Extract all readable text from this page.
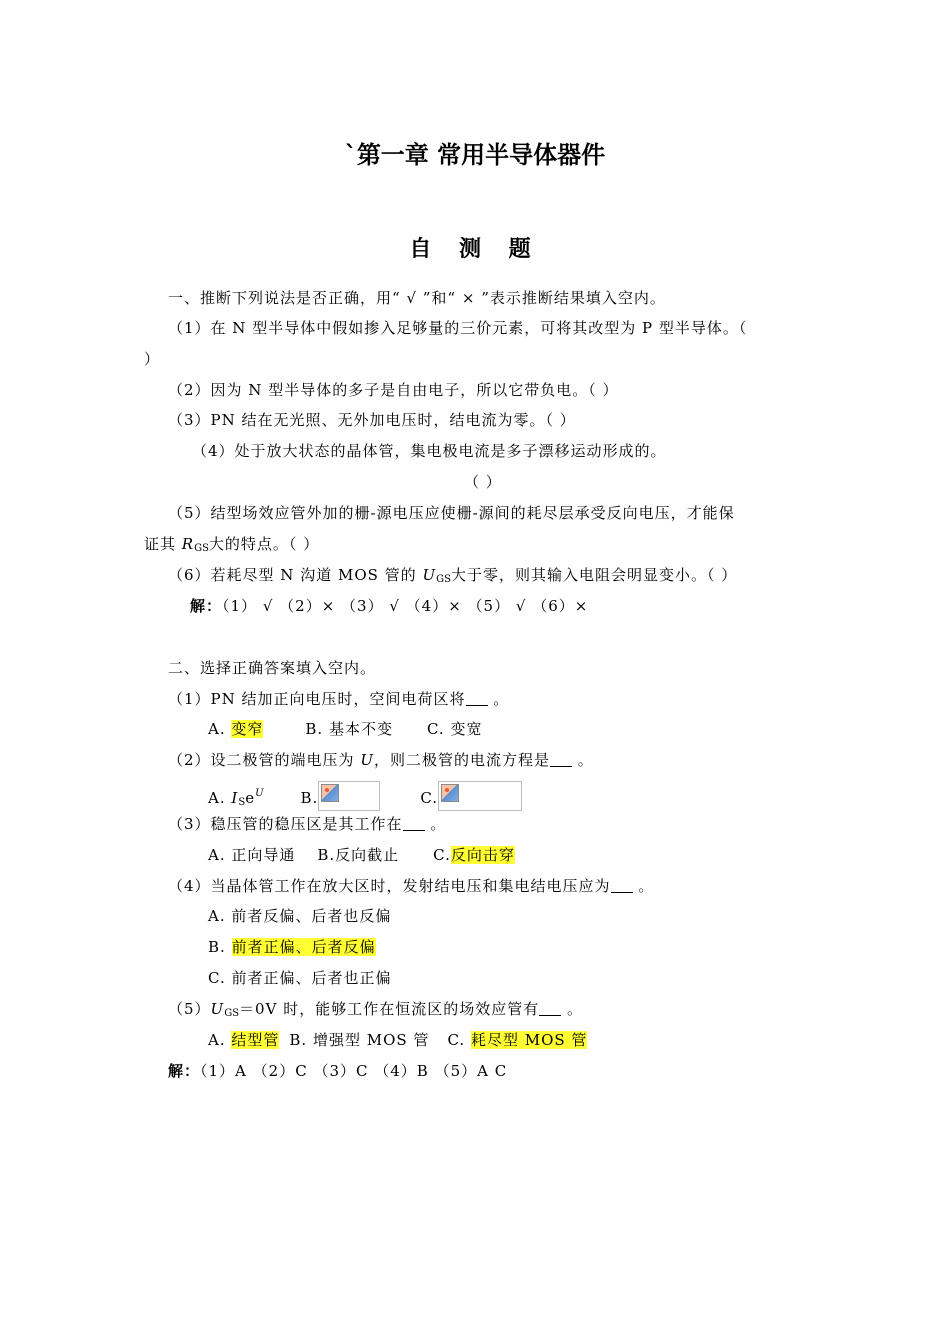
`第一章 常用半导体器件
自 测 题
一、推断下列说法是否正确，用“ √ ”和“ × ”表示推断结果填入空内。
（1）在 N 型半导体中假如掺入足够量的三价元素，可将其改型为 P 型半导体。（
）
（2）因为 N 型半导体的多子是自由电子，所以它带负电。（ ）
（3）PN 结在无光照、无外加电压时，结电流为零。（ ）
（4）处于放大状态的晶体管，集电极电流是多子漂移运动形成的。
（ ）
（5）结型场效应管外加的栅-源电压应使栅-源间的耗尽层承受反向电压，才能保
证其 $R_{GS}$大的特点。（ ）
（6）若耗尽型 N 沟道 MOS 管的 $U_{GS}$大于零，则其输入电阻会明显变小。（ ）
解：（1） √ （2）× （3） √ （4）× （5） √ （6）×
二、选择正确答案填入空内。
（1）PN 结加正向电压时，空间电荷区将 。
A. 变窄	B. 基本不变 C. 变宽
（2）设二极管的端电压为 U，则二极管的电流方程是 。
A. $I_Se^U$ B.	C.
（3）稳压管的稳压区是其工作在 。
A. 正向导通 B.反向截止 C.反向击穿
（4）当晶体管工作在放大区时，发射结电压和集电结电压应为 。
A. 前者反偏、后者也反偏
B. 前者正偏、后者反偏
C. 前者正偏、后者也正偏
$(5)U_{GS}=0V$ 时，能够工作在恒流区的场效应管有 。
A. 结型管 B. 增强型 MOS 管 C. 耗尽型 MOS 管
解：（1）A （2）C （3）C （4）B （5）A C
